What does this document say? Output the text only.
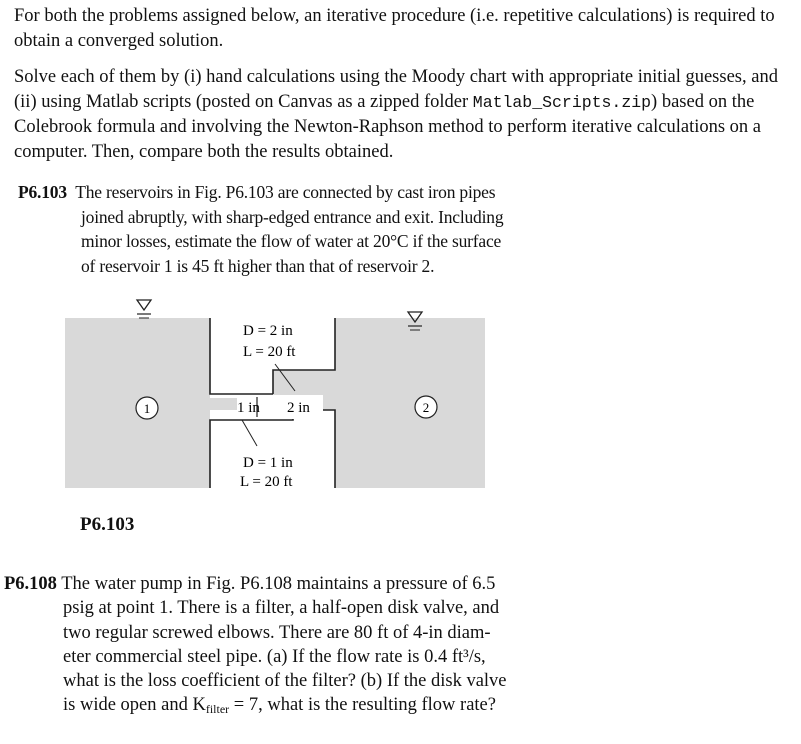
For both the problems assigned below, an iterative procedure (i.e. repetitive calculations) is required to obtain a converged solution.

Solve each of them by (i) hand calculations using the Moody chart with appropriate initial guesses, and (ii) using Matlab scripts (posted on Canvas as a zipped folder Matlab_Scripts.zip) based on the Colebrook formula and involving the Newton-Raphson method to perform iterative calculations on a computer. Then, compare both the results obtained.

P6.103 The reservoirs in Fig. P6.103 are connected by cast iron pipes
joined abruptly, with sharp-edged entrance and exit. Including
minor losses, estimate the flow of water at 20°C if the surface
of reservoir 1 is 45 ft higher than that of reservoir 2.
1	2
D = 2 in
L = 20 ft
1 in 2 in
D = 1 in
L = 20 ft
P6.103
P6.108 The water pump in Fig. P6.108 maintains a pressure of 6.5
psig at point 1. There is a filter, a half-open disk valve, and
two regular screwed elbows. There are 80 ft of 4-in diam-
eter commercial steel pipe. (a) If the flow rate is 0.4 ft³/s,
what is the loss coefficient of the filter? (b) If the disk valve
is wide open and $K_{filter} = 7$, what is the resulting flow rate?
